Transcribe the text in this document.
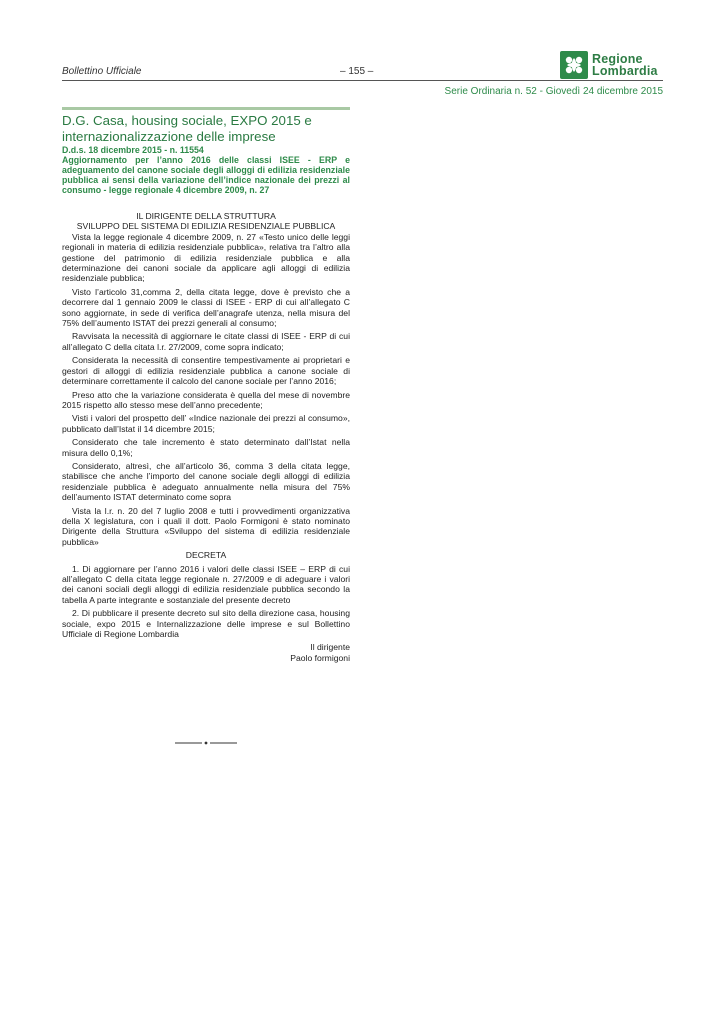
Bollettino Ufficiale	– 155 –
Regione
Lombardia
Serie Ordinaria n. 52 - Giovedì 24 dicembre 2015
D.G. Casa, housing sociale, EXPO 2015 e internazionalizzazione delle imprese
D.d.s. 18 dicembre 2015 - n. 11554
Aggiornamento per l’anno 2016 delle classi ISEE - ERP e adeguamento del canone sociale degli alloggi di edilizia residenziale pubblica ai sensi della variazione dell’indice nazionale dei prezzi al consumo - legge regionale 4 dicembre 2009, n. 27
IL DIRIGENTE DELLA STRUTTURA
SVILUPPO DEL SISTEMA DI EDILIZIA RESIDENZIALE PUBBLICA

Vista la legge regionale 4 dicembre 2009, n. 27 «Testo unico delle leggi regionali in materia di edilizia residenziale pubblica», relativa tra l’altro alla gestione del patrimonio di edilizia residenziale pubblica e alla determinazione dei canoni sociale da applicare agli alloggi di edilizia residenziale pubblica;

Visto l’articolo 31,comma 2, della citata legge, dove è previsto che a decorrere dal 1 gennaio 2009 le classi di ISEE - ERP di cui all’allegato C sono aggiornate, in sede di verifica dell’anagrafe utenza, nella misura del 75% dell’aumento ISTAT dei prezzi generali al consumo;

Ravvisata la necessità di aggiornare le citate classi di ISEE - ERP di cui all’allegato C della citata l.r. 27/2009, come sopra indicato;

Considerata la necessità di consentire tempestivamente ai proprietari e gestori di alloggi di edilizia residenziale pubblica a canone sociale di determinare correttamente il calcolo del canone sociale per l’anno 2016;

Preso atto che la variazione considerata è quella del mese di novembre 2015 rispetto allo stesso mese dell’anno precedente;

Visti i valori del prospetto dell’ «Indice nazionale dei prezzi al consumo», pubblicato dall’Istat il 14 dicembre 2015;

Considerato che tale incremento è stato determinato dall’Istat nella misura dello 0,1%;

Considerato, altresì, che all’articolo 36, comma 3 della citata legge, stabilisce che anche l’importo del canone sociale degli alloggi di edilizia residenziale pubblica è adeguato annualmente nella misura del 75% dell’aumento ISTAT determinato come sopra

Vista la l.r. n. 20 del 7 luglio 2008 e tutti i provvedimenti organizzativa della X legislatura, con i quali il dott. Paolo Formigoni è stato nominato Dirigente della Struttura «Sviluppo del sistema di edilizia residenziale pubblica»

DECRETA

1. Di aggiornare per l’anno 2016 i valori delle classi ISEE – ERP di cui all’allegato C della citata legge regionale n. 27/2009 e di adeguare i valori dei canoni sociali degli alloggi di edilizia residenziale pubblica secondo la tabella A parte integrante e sostanziale del presente decreto

2. Di pubblicare il presente decreto sul sito della direzione casa, housing sociale, expo 2015 e Internalizzazione delle imprese e sul Bollettino Ufficiale di Regione Lombardia

Il dirigente
Paolo formigoni
